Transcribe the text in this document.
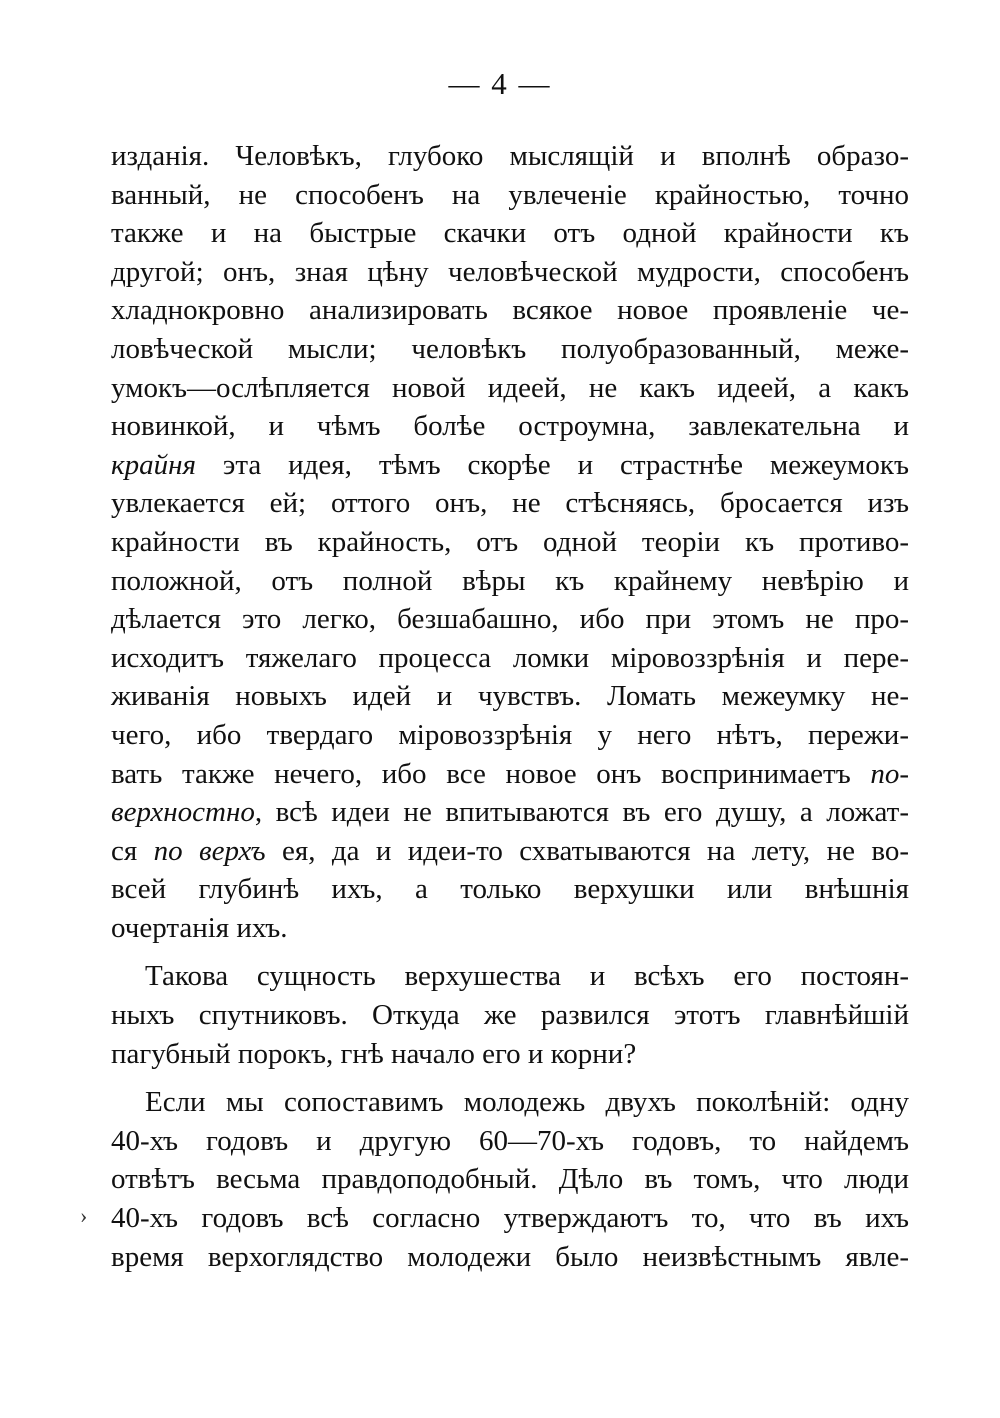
— 4 —
изданія. Человѣкъ, глубоко мыслящій и вполнѣ образо-
ванный, не способенъ на увлеченіе крайностью, точно
также и на быстрые скачки отъ одной крайности къ
другой; онъ, зная цѣну человѣческой мудрости, способенъ
хладнокровно анализировать всякое новое проявленіе че-
ловѣческой мысли; человѣкъ полуобразованный, меже-
умокъ—ослѣпляется новой идеей, не какъ идеей, а какъ
новинкой, и чѣмъ болѣе остроумна, завлекательна и
крайня эта идея, тѣмъ скорѣе и страстнѣе межеумокъ
увлекается ей; оттого онъ, не стѣсняясь, бросается изъ
крайности въ крайность, отъ одной теоріи къ противо-
положной, отъ полной вѣры къ крайнему невѣрію и
дѣлается это легко, безшабашно, ибо при этомъ не про-
исходитъ тяжелаго процесса ломки міровоззрѣнія и пере-
живанія новыхъ идей и чувствъ. Ломать межеумку не-
чего, ибо твердаго міровоззрѣнія у него нѣтъ, пережи-
вать также нечего, ибо все новое онъ воспринимаетъ по-
верхностно, всѣ идеи не впитываются въ его душу, а ложат-
ся по верхъ ея, да и идеи-то схватываются на лету, не во-
всей глубинѣ ихъ, а только верхушки или внѣшнія
очертанія ихъ.
Такова сущность верхушества и всѣхъ его постоян-
ныхъ спутниковъ. Откуда же развился этотъ главнѣйшій
пагубный порокъ, гнѣ начало его и корни?
Если мы сопоставимъ молодежь двухъ поколѣній: одну
40-хъ годовъ и другую 60—70-хъ годовъ, то найдемъ
отвѣтъ весьма правдоподобный. Дѣло въ томъ, что люди
40-хъ годовъ всѣ согласно утверждаютъ то, что въ ихъ
время верхоглядство молодежи было неизвѣстнымъ явле-
›
